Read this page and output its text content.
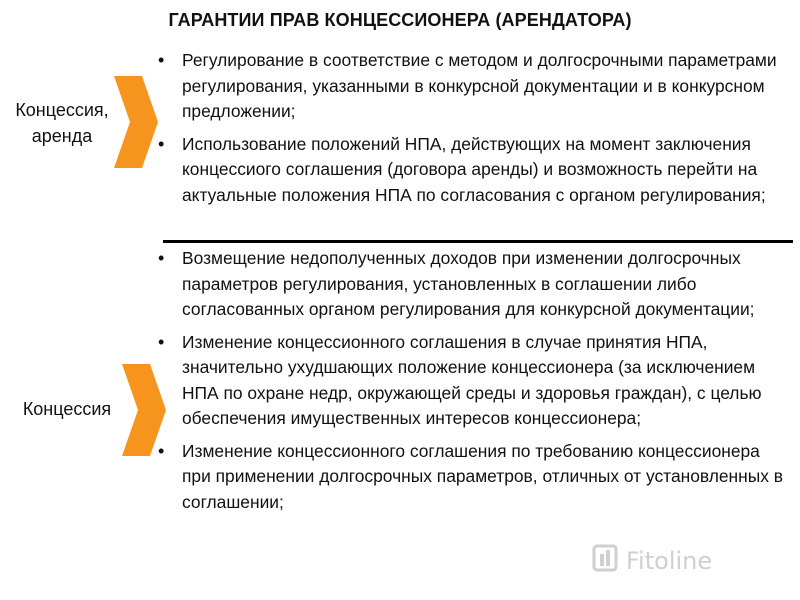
ГАРАНТИИ ПРАВ КОНЦЕССИОНЕРА (АРЕНДАТОРА)
Концессия,
аренда
Концессия
• Регулирование в соответствие с методом и долгосрочными параметрами регулирования, указанными в конкурсной документации и в конкурсном предложении;
• Использование положений НПА, действующих на момент заключения концессиого соглашения (договора аренды) и возможность перейти на актуальные положения НПА по согласования с органом регулирования;
• Возмещение недополученных доходов при изменении долгосрочных параметров регулирования, установленных в соглашении либо согласованных органом регулирования для конкурсной документации;
• Изменение концессионного соглашения в случае принятия НПА, значительно ухудшающих положение концессионера (за исключением НПА по охране недр, окружающей среды и здоровья граждан), с целью обеспечения имущественных интересов концессионера;
• Изменение концессионного соглашения по требованию концессионера при применении долгосрочных параметров, отличных от установленных в соглашении;
Fitoline
